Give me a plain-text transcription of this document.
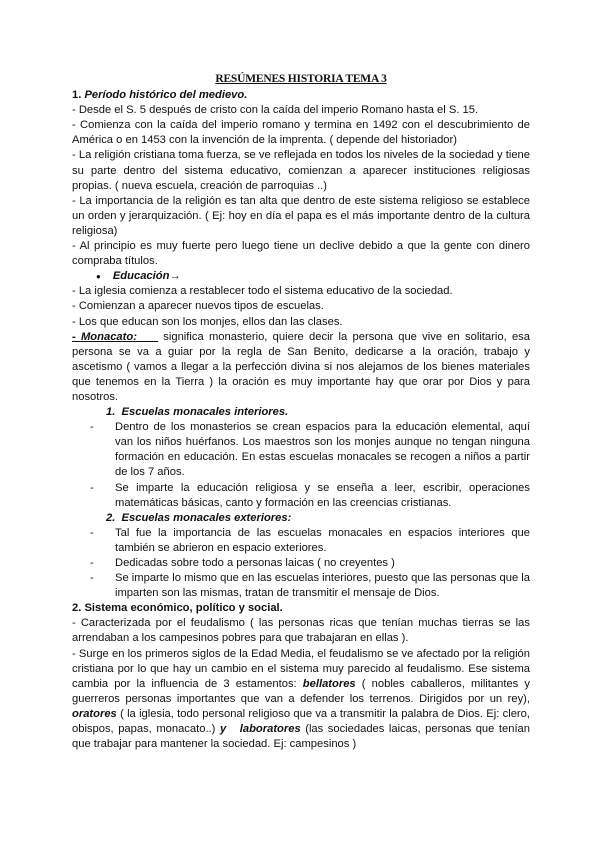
RESÚMENES HISTORIA TEMA 3

1. Período histórico del medievo.

- Desde el S. 5 después de cristo con la caída del imperio Romano hasta el S. 15.

- Comienza con la caída del imperio romano y termina en 1492 con el descubrimiento de América o en 1453 con la invención de la imprenta. ( depende del historiador)

- La religión cristiana toma fuerza, se ve reflejada en todos los niveles de la sociedad y tiene su parte dentro del sistema educativo, comienzan a aparecer instituciones religiosas propias. ( nueva escuela, creación de parroquias ..)

- La importancia de la religión es tan alta que dentro de este sistema religioso se establece un orden y jerarquización. ( Ej: hoy en día el papa es el más importante dentro de la cultura religiosa)

- Al principio es muy fuerte pero luego tiene un declive debido a que la gente con dinero compraba títulos.

● Educación→

- La iglesia comienza a restablecer todo el sistema educativo de la sociedad.

- Comienzan a aparecer nuevos tipos de escuelas.

- Los que educan son los monjes, ellos dan las clases.

- Monacato:     significa monasterio, quiere decir la persona que vive en solitario, esa persona se va a guiar por la regla de San Benito, dedicarse a la oración, trabajo y ascetismo ( vamos a llegar a la perfección divina si nos alejamos de los bienes materiales que tenemos en la Tierra ) la oración es muy importante hay que orar por Dios y para nosotros.

1.  Escuelas monacales interiores.

-	Dentro de los monasterios se crean espacios para la educación elemental, aquí van los niños huérfanos. Los maestros son los monjes aunque no tengan ninguna formación en educación. En estas escuelas monacales se recogen a niños a partir de los 7 años.
-	Se imparte la educación religiosa y se enseña a leer, escribir, operaciones matemáticas básicas, canto y formación en las creencias cristianas.

2.  Escuelas monacales exteriores:

-	Tal fue la importancia de las escuelas monacales en espacios interiores que también se abrieron en espacio exteriores.
-	Dedicadas sobre todo a personas laicas ( no creyentes )
-	Se imparte lo mismo que en las escuelas interiores, puesto que las personas que la imparten son las mismas, tratan de transmitir el mensaje de Dios.

2. Sistema económico, político y social.

- Caracterizada por el feudalismo ( las personas ricas que tenían muchas tierras se las arrendaban a los campesinos pobres para que trabajaran en ellas ).

- Surge en los primeros siglos de la Edad Media, el feudalismo se ve afectado por la religión cristiana por lo que hay un cambio en el sistema muy parecido al feudalismo. Ese sistema cambia por la influencia de 3 estamentos: bellatores ( nobles caballeros, militantes y guerreros personas importantes que van a defender los terrenos. Dirigidos por un rey), oratores ( la iglesia, todo personal religioso que va a transmitir la palabra de Dios. Ej: clero, obispos, papas, monacato..) y   laboratores (las sociedades laicas, personas que tenían que trabajar para mantener la sociedad. Ej: campesinos )
